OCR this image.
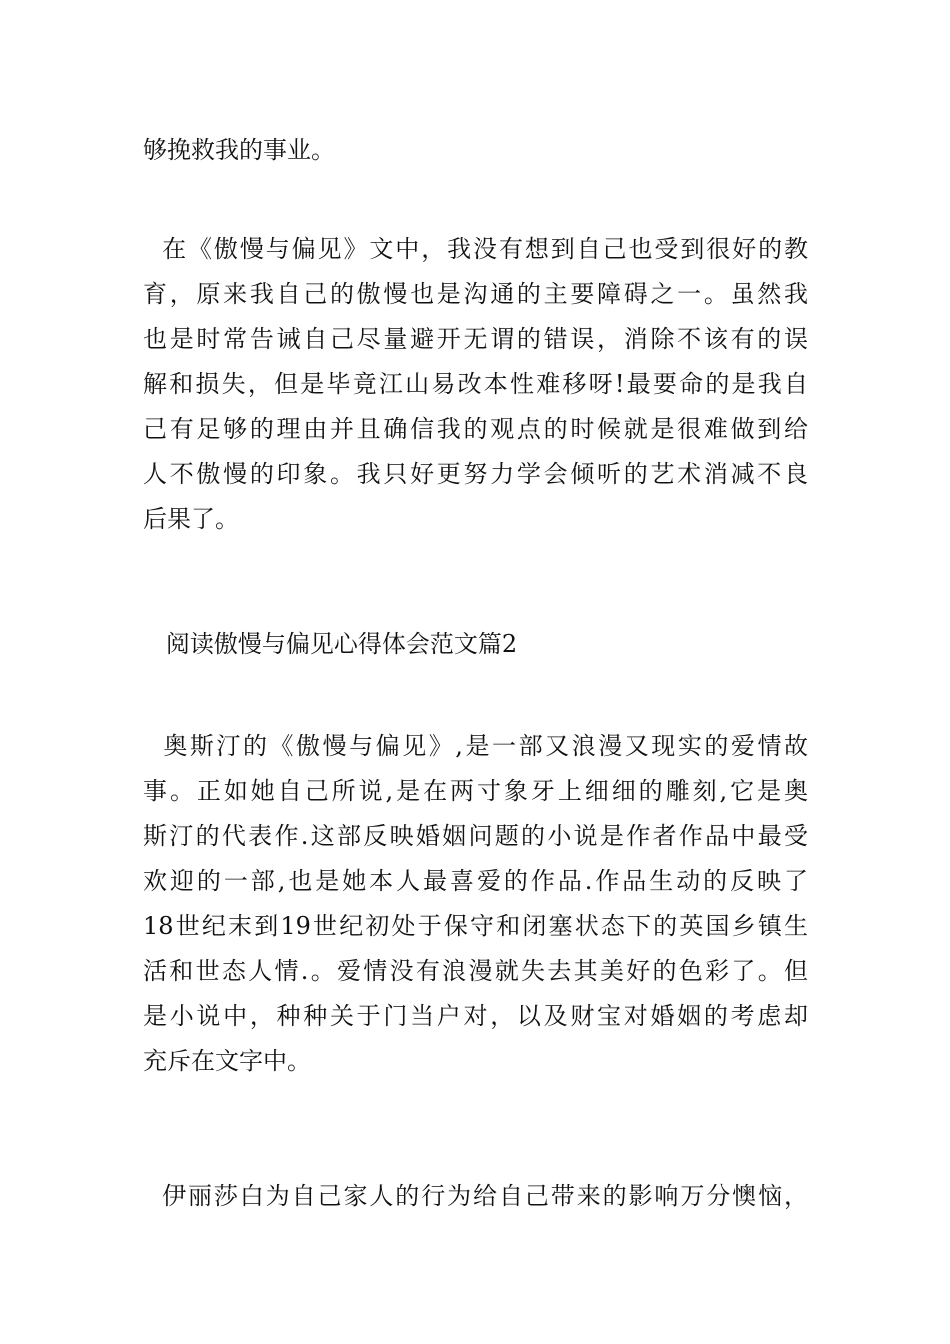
够挽救我的事业。

在《傲慢与偏见》文中，我没有想到自己也受到很好的教

育，原来我自己的傲慢也是沟通的主要障碍之一。虽然我

也是时常告诫自己尽量避开无谓的错误，消除不该有的误

解和损失，但是毕竟江山易改本性难移呀!最要命的是我自

己有足够的理由并且确信我的观点的时候就是很难做到给

人不傲慢的印象。我只好更努力学会倾听的艺术消减不良

后果了。

阅读傲慢与偏见心得体会范文篇2

奥斯汀的《傲慢与偏见》,是一部又浪漫又现实的爱情故

事。正如她自己所说,是在两寸象牙上细细的雕刻,它是奥

斯汀的代表作.这部反映婚姻问题的小说是作者作品中最受

欢迎的一部,也是她本人最喜爱的作品.作品生动的反映了

18世纪末到19世纪初处于保守和闭塞状态下的英国乡镇生

活和世态人情.。爱情没有浪漫就失去其美好的色彩了。但

是小说中，种种关于门当户对，以及财宝对婚姻的考虑却

充斥在文字中。

伊丽莎白为自己家人的行为给自己带来的影响万分懊恼，
